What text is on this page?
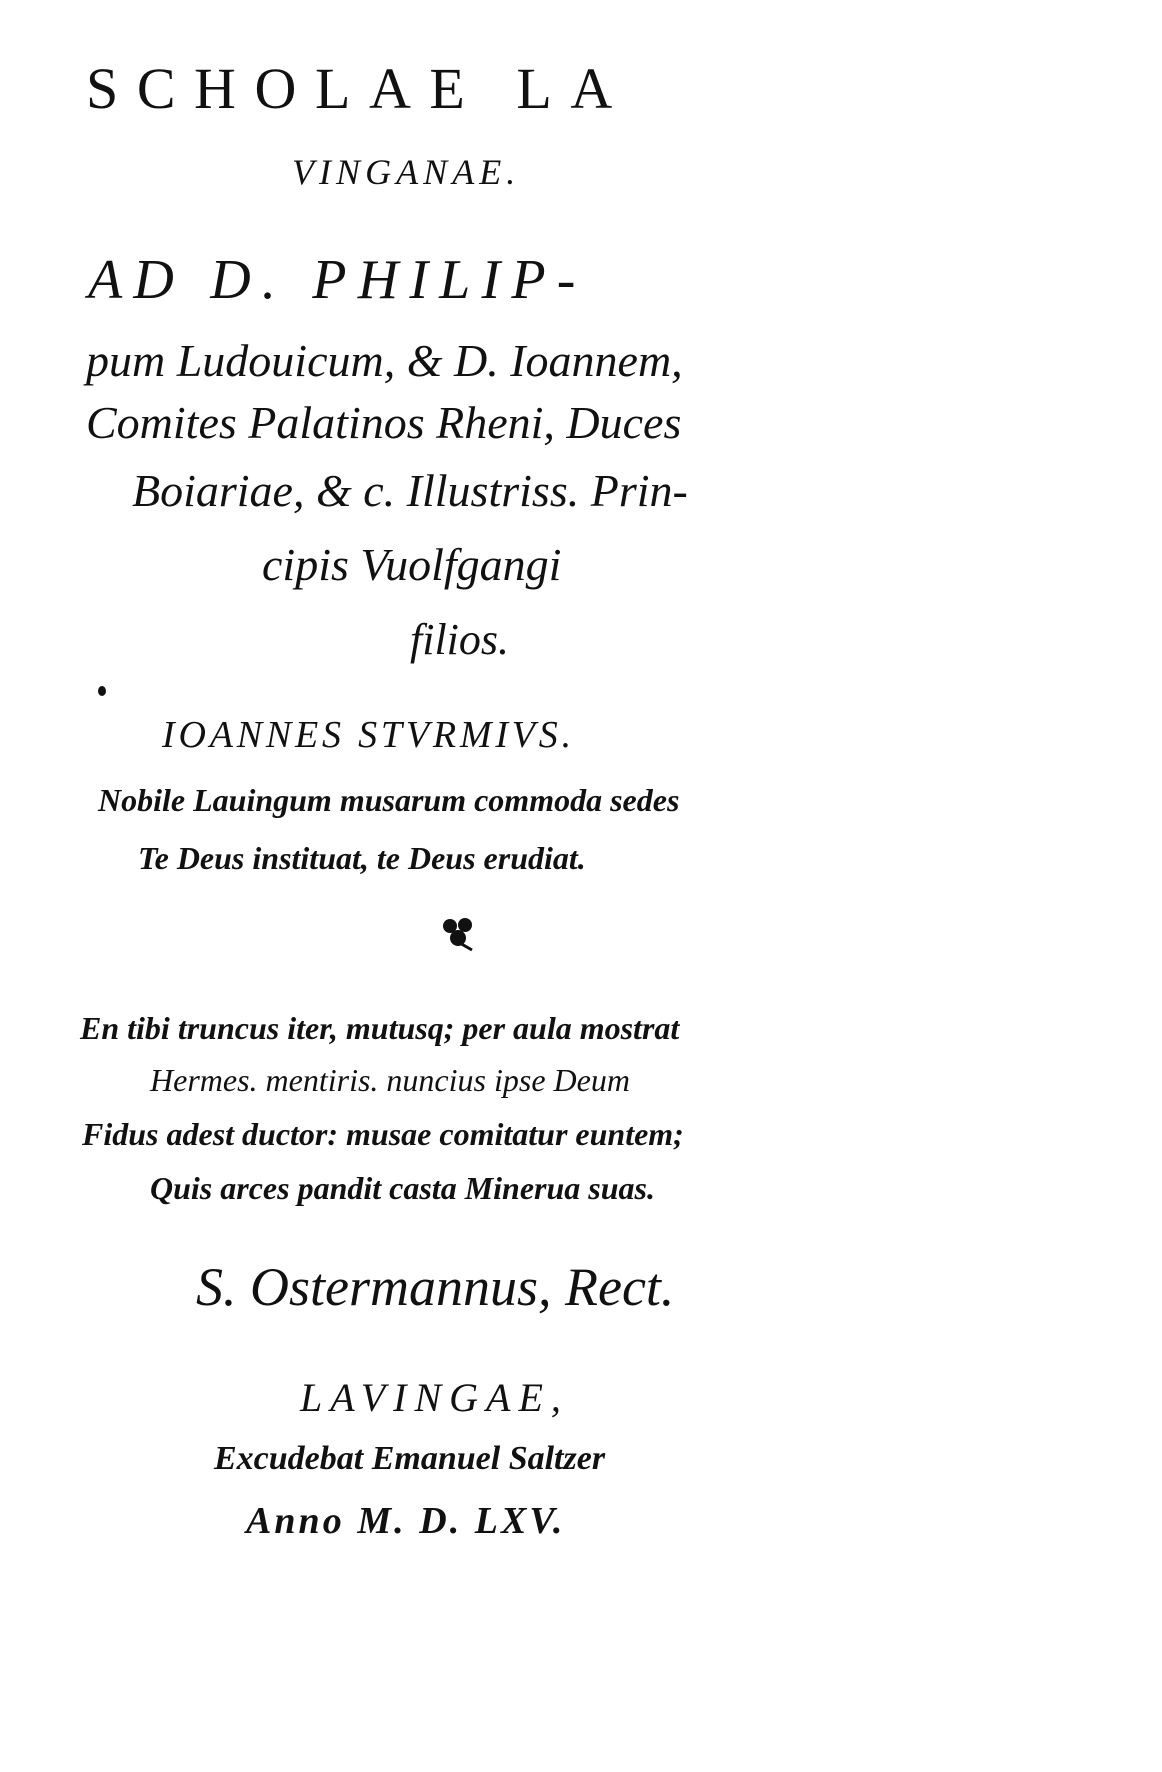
SCHOLAE LA
VINGANAE.
AD D. PHILIP-
pum Ludouicum, & D. Ioannem,
Comites Palatinos Rheni, Duces
Boiariae, & c. Illustriss. Prin-
cipis Vuolfgangi
filios.
IOANNES STVRMIVS.
Nobile Lauingum musarum commoda sedes
Te Deus instituat, te Deus erudiat.
En tibi truncus iter, mutusq; per aula mostrat
Hermes. mentiris. nuncius ipse Deum
Fidus adest ductor: musae comitatur euntem;
Quis arces pandit casta Minerua suas.
S. Ostermannus, Rect.
LAVINGAE,
Excudebat Emanuel Saltzer
Anno M. D. LXV.
